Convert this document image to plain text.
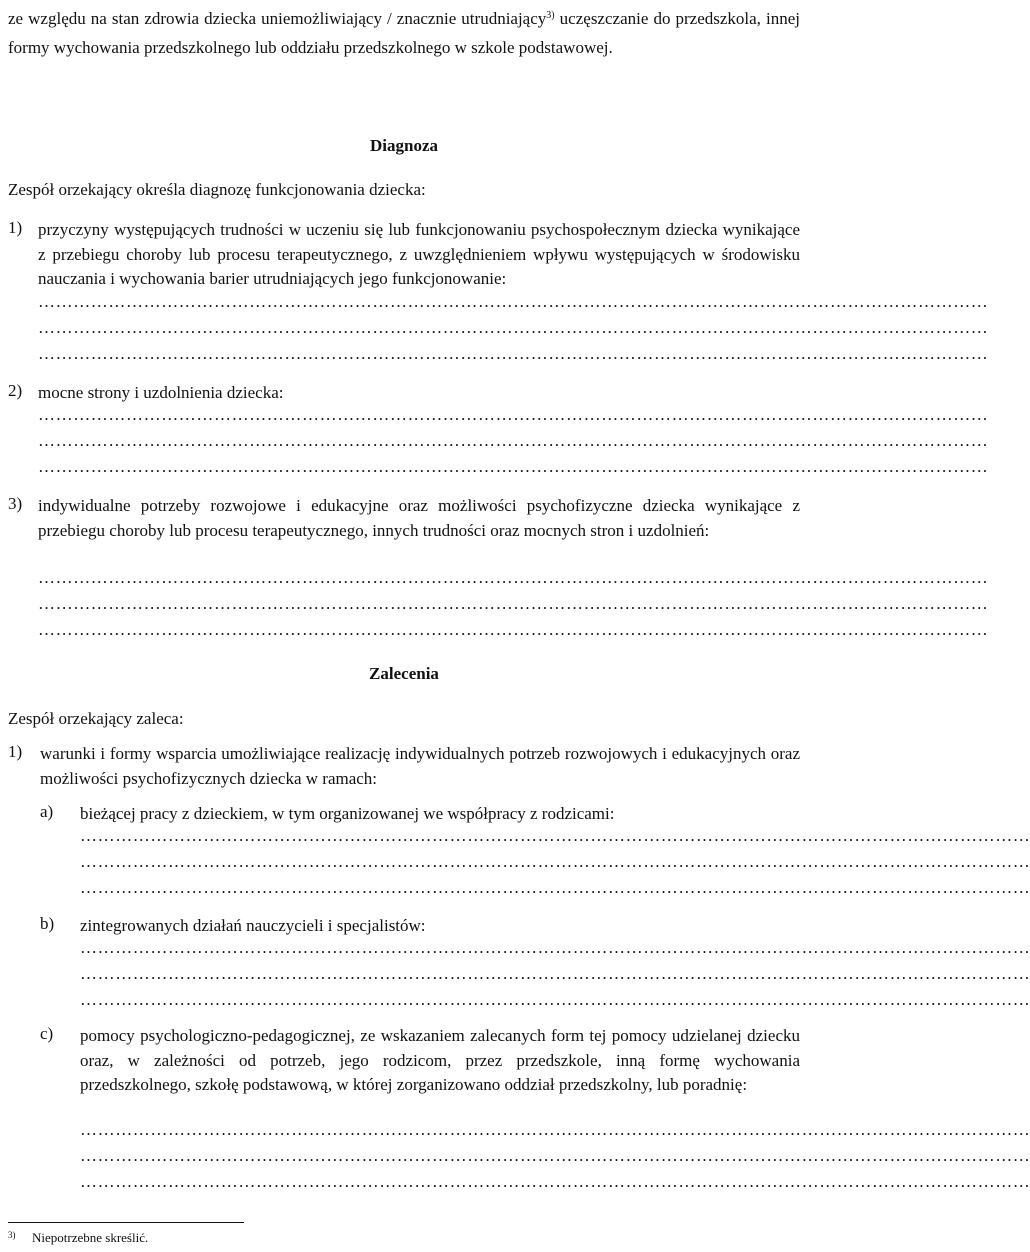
ze względu na stan zdrowia dziecka uniemożliwiający / znacznie utrudniający$^{3)}$ uczęszczanie do przedszkola, innej formy wychowania przedszkolnego lub oddziału przedszkolnego w szkole podstawowej.
Diagnoza
Zespół orzekający określa diagnozę funkcjonowania dziecka:
1) przyczyny występujących trudności w uczeniu się lub funkcjonowaniu psychospołecznym dziecka wynikające z przebiegu choroby lub procesu terapeutycznego, z uwzględnieniem wpływu występujących w środowisku nauczania i wychowania barier utrudniających jego funkcjonowanie:
………………………………………………………………………………………………………………………………………………
………………………………………………………………………………………………………………………………………………
………………………………………………………………………………………………………………………………………………
2) mocne strony i uzdolnienia dziecka:
………………………………………………………………………………………………………………………………………………
………………………………………………………………………………………………………………………………………………
………………………………………………………………………………………………………………………………………………
3) indywidualne potrzeby rozwojowe i edukacyjne oraz możliwości psychofizyczne dziecka wynikające z przebiegu choroby lub procesu terapeutycznego, innych trudności oraz mocnych stron i uzdolnień:
………………………………………………………………………………………………………………………………………………
………………………………………………………………………………………………………………………………………………
………………………………………………………………………………………………………………………………………………
Zalecenia
Zespół orzekający zaleca:
1) warunki i formy wsparcia umożliwiające realizację indywidualnych potrzeb rozwojowych i edukacyjnych oraz możliwości psychofizycznych dziecka w ramach:
a) bieżącej pracy z dzieckiem, w tym organizowanej we współpracy z rodzicami:
………………………………………………………………………………………………………………………………………………
………………………………………………………………………………………………………………………………………………
………………………………………………………………………………………………………………………………………………
b) zintegrowanych działań nauczycieli i specjalistów:
………………………………………………………………………………………………………………………………………………
………………………………………………………………………………………………………………………………………………
………………………………………………………………………………………………………………………………………………
c) pomocy psychologiczno-pedagogicznej, ze wskazaniem zalecanych form tej pomocy udzielanej dziecku oraz, w zależności od potrzeb, jego rodzicom, przez przedszkole, inną formę wychowania przedszkolnego, szkołę podstawową, w której zorganizowano oddział przedszkolny, lub poradnię:
………………………………………………………………………………………………………………………………………………
………………………………………………………………………………………………………………………………………………
………………………………………………………………………………………………………………………………………………
3) Niepotrzebne skreślić.
